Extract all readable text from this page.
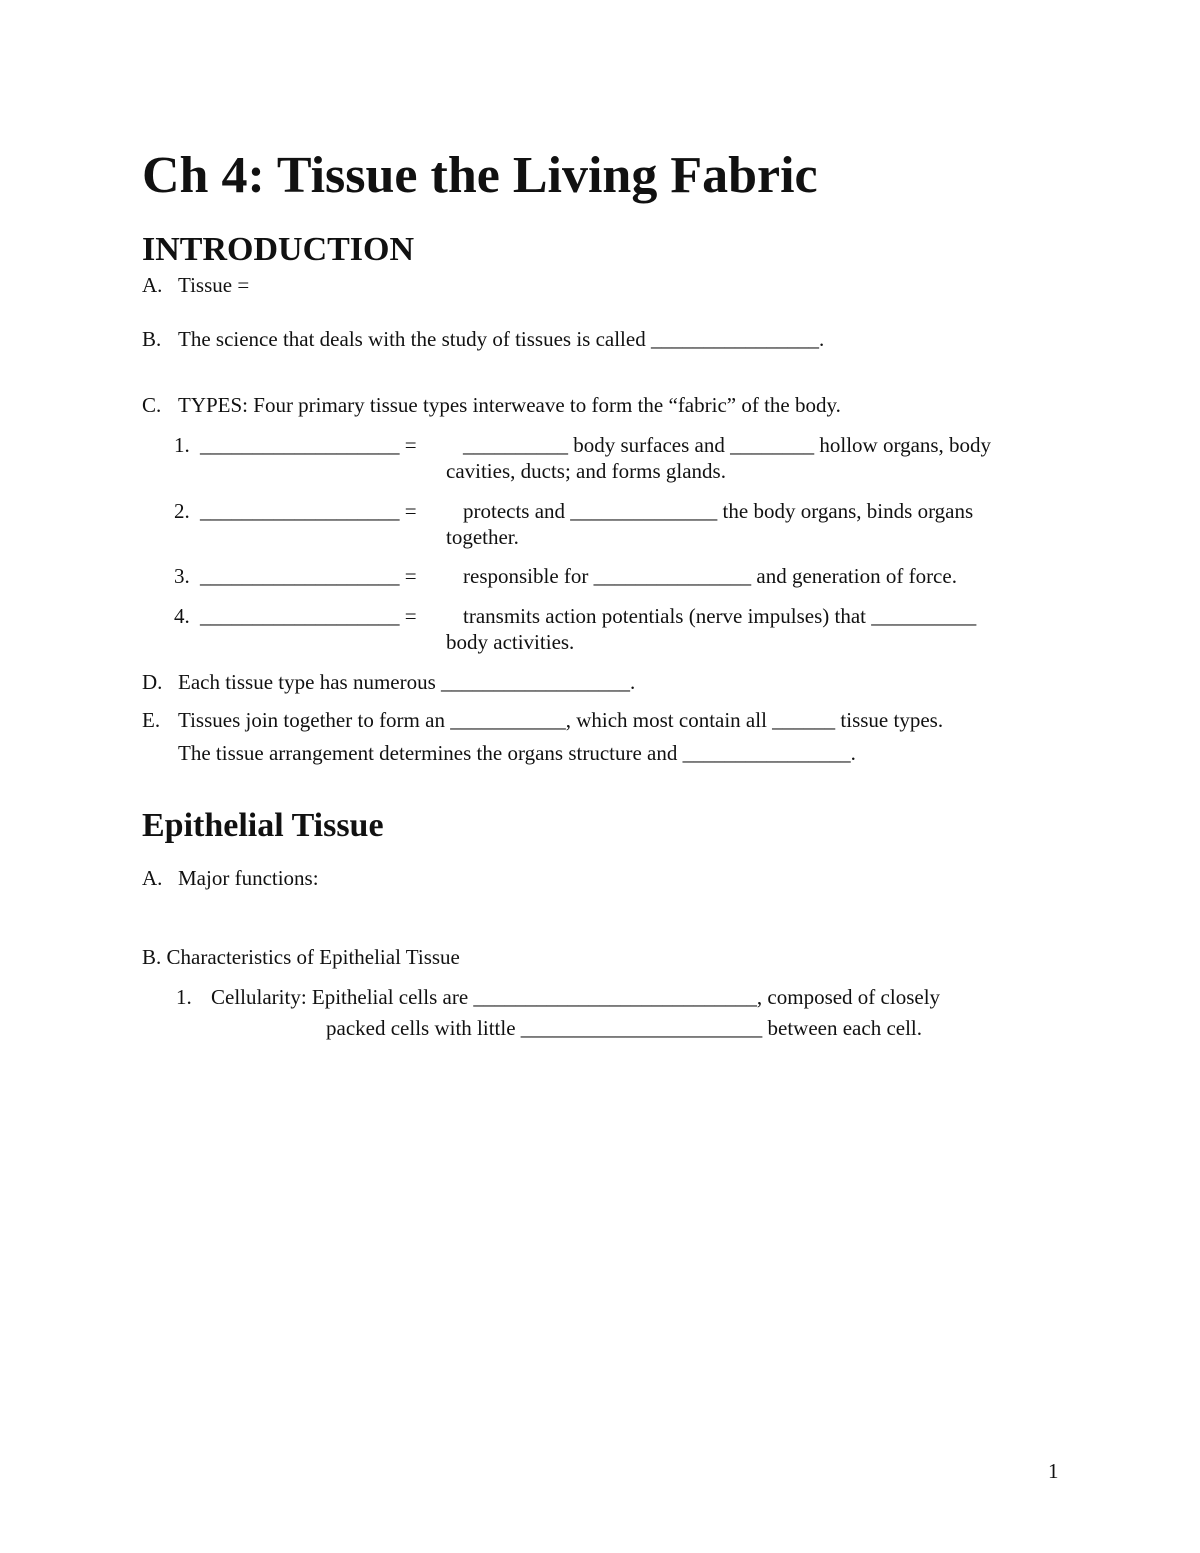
Ch 4: Tissue the Living Fabric
INTRODUCTION
A. Tissue =
B. The science that deals with the study of tissues is called ________________.
C. TYPES: Four primary tissue types interweave to form the “fabric” of the body.
1. ___________________ = __________ body surfaces and ________ hollow organs, body
cavities, ducts; and forms glands.
2. ___________________ = protects and ______________ the body organs, binds organs
together.
3. ___________________ = responsible for _______________ and generation of force.
4. ___________________ = transmits action potentials (nerve impulses) that __________
body activities.
D. Each tissue type has numerous __________________.
E. Tissues join together to form an ___________, which most contain all ______ tissue types.
The tissue arrangement determines the organs structure and ________________.
Epithelial Tissue
A. Major functions:
B. Characteristics of Epithelial Tissue
1. Cellularity: Epithelial cells are ___________________________, composed of closely
packed cells with little _______________________ between each cell.
1
